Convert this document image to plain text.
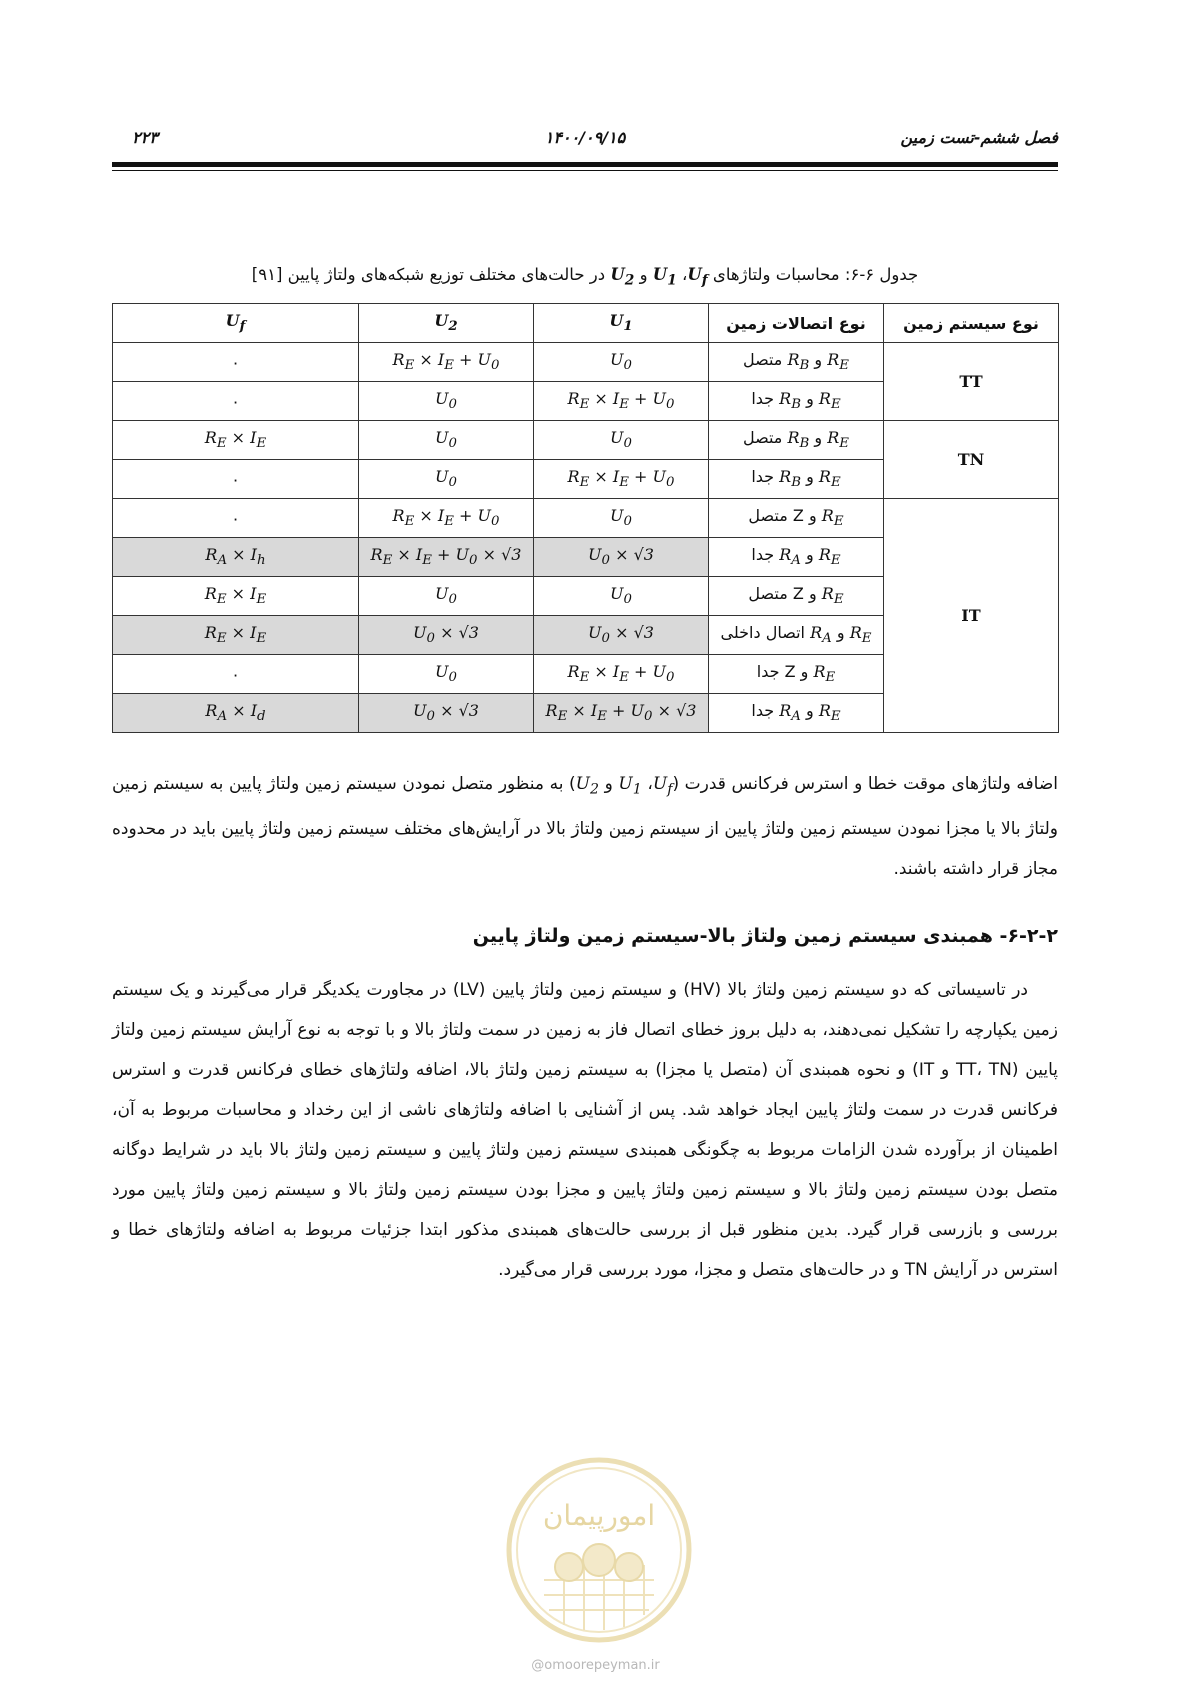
فصل ششم-تست زمین
۱۴۰۰/۰۹/۱۵
۲۲۳
جدول ۶-۶: محاسبات ولتاژهای $U_f،$ $U_1$ و $U_2$ در حالت‌های مختلف توزیع شبکه‌های ولتاژ پایین [۹۱]
نوع سیستم زمین	نوع اتصالات زمین	$U_1$	$U_2$	$U_f$
TT	$R_E$ و $R_B$ متصل	$U_0$	$R_E \times I_E + U_0$	۰
	$R_E$ و $R_B$ جدا	$R_E \times I_E + U_0$	$U_0$	۰
TN	$R_E$ و $R_B$ متصل	$U_0$	$U_0$	$R_E \times I_E$
	$R_E$ و $R_B$ جدا	$R_E \times I_E + U_0$	$U_0$	۰
IT	$R_E$ و Z متصل	$U_0$	$R_E \times I_E + U_0$	۰
	$R_E$ و $R_A$ جدا	$U_0 \times √3$	$R_E \times I_E + U_0 \times √3$	$R_A \times I_h$
	$R_E$ و Z متصل	$U_0$	$U_0$	$R_E \times I_E$
	$R_E$ و $R_A$ اتصال داخلی	$U_0 \times √3$	$U_0 \times √3$	$R_E \times I_E$
	$R_E$ و Z جدا	$R_E \times I_E + U_0$	$U_0$	۰
	$R_E$ و $R_A$ جدا	$R_E \times I_E + U_0 \times √3$	$U_0 \times √3$	$R_A \times I_d$
اضافه ولتاژهای موقت خطا و استرس فرکانس قدرت ($U_f،$ $U_1$ و $U_2$) به منظور متصل نمودن سیستم زمین ولتاژ پایین به سیستم زمین ولتاژ بالا یا مجزا نمودن سیستم زمین ولتاژ پایین از سیستم زمین ولتاژ بالا در آرایش‌های مختلف سیستم زمین ولتاژ پایین باید در محدوده مجاز قرار داشته باشند.
۶-۲-۲- همبندی سیستم زمین ولتاژ بالا-سیستم زمین ولتاژ پایین
در تاسیساتی که دو سیستم زمین ولتاژ بالا (HV) و سیستم زمین ولتاژ پایین (LV) در مجاورت یکدیگر قرار می‌گیرند و یک سیستم زمین یکپارچه را تشکیل نمی‌دهند، به دلیل بروز خطای اتصال فاز به زمین در سمت ولتاژ بالا و با توجه به نوع آرایش سیستم زمین ولتاژ پایین (TT، TN و IT) و نحوه همبندی آن (متصل یا مجزا) به سیستم زمین ولتاژ بالا، اضافه ولتاژهای خطای فرکانس قدرت و استرس فرکانس قدرت در سمت ولتاژ پایین ایجاد خواهد شد. پس از آشنایی با اضافه ولتاژهای ناشی از این رخداد و محاسبات مربوط به آن، اطمینان از برآورده شدن الزامات مربوط به چگونگی همبندی سیستم زمین ولتاژ پایین و سیستم زمین ولتاژ بالا باید در شرایط دوگانه متصل بودن سیستم زمین ولتاژ بالا و سیستم زمین ولتاژ پایین و مجزا بودن سیستم زمین ولتاژ بالا و سیستم زمین ولتاژ پایین مورد بررسی و بازرسی قرار گیرد. بدین منظور قبل از بررسی حالت‌های همبندی مذکور ابتدا جزئیات مربوط به اضافه ولتاژهای خطا و استرس در آرایش TN و در حالت‌های متصل و مجزا، مورد بررسی قرار می‌گیرد.
امورپیمان
@omoorepeyman.ir
